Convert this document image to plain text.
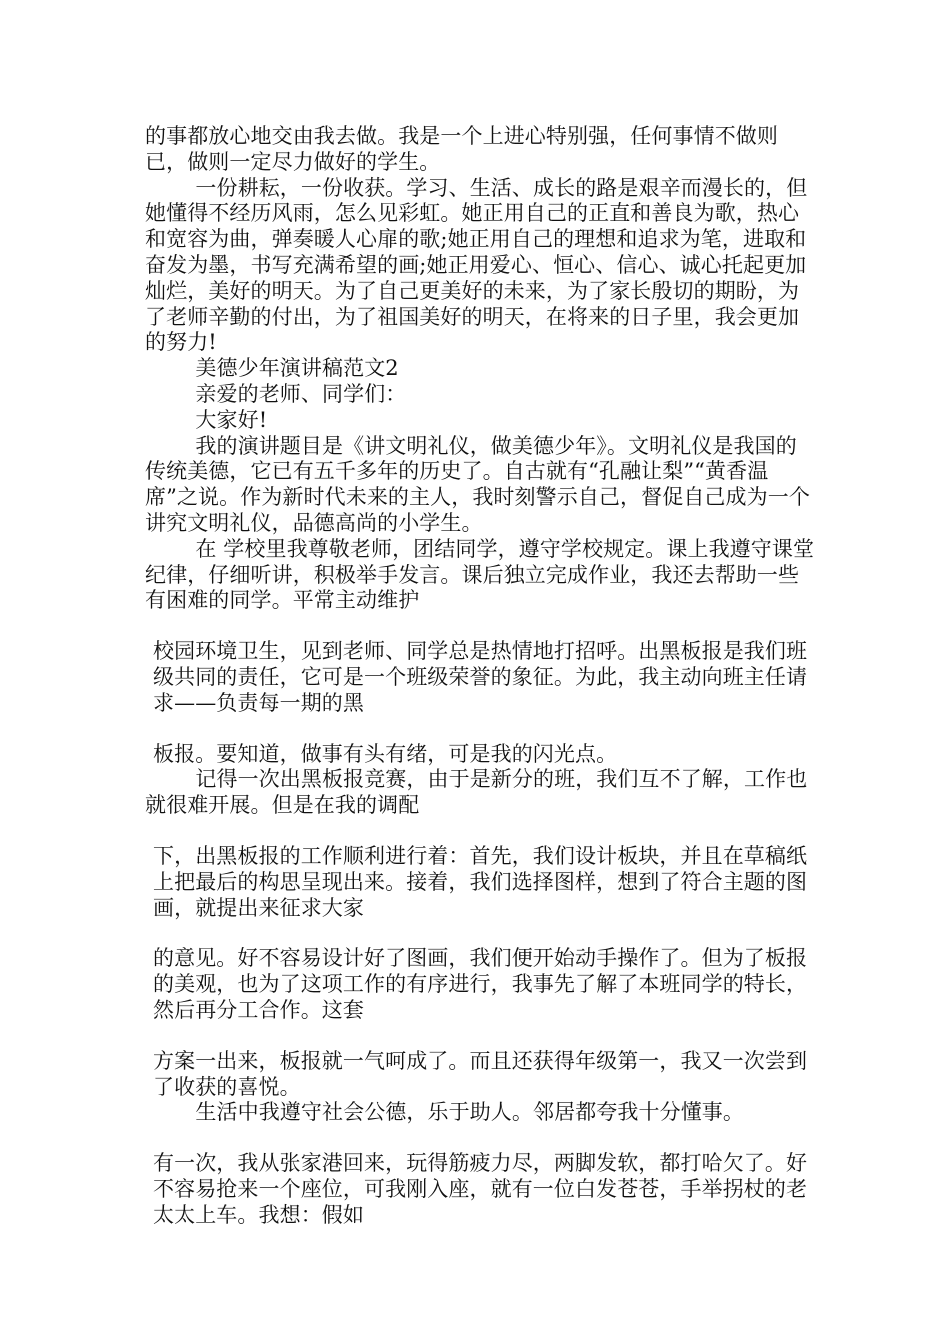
的事都放心地交由我去做。我是一个上进心特别强，任何事情不做则已，做则一定尽力做好的学生。

一份耕耘，一份收获。学习、生活、成长的路是艰辛而漫长的，但她懂得不经历风雨，怎么见彩虹。她正用自己的正直和善良为歌，热心和宽容为曲，弹奏暖人心扉的歌;她正用自己的理想和追求为笔，进取和奋发为墨，书写充满希望的画;她正用爱心、恒心、信心、诚心托起更加灿烂，美好的明天。为了自己更美好的未来，为了家长殷切的期盼，为了老师辛勤的付出，为了祖国美好的明天，在将来的日子里，我会更加的努力!

美德少年演讲稿范文2

亲爱的老师、同学们：

大家好!

我的演讲题目是《讲文明礼仪，做美德少年》。文明礼仪是我国的传统美德，它已有五千多年的历史了。自古就有“孔融让梨”“黄香温席”之说。作为新时代未来的主人，我时刻警示自己，督促自己成为一个讲究文明礼仪，品德高尚的小学生。

在 学校里我尊敬老师，团结同学，遵守学校规定。课上我遵守课堂纪律，仔细听讲，积极举手发言。课后独立完成作业，我还去帮助一些有困难的同学。平常主动维护

校园环境卫生，见到老师、同学总是热情地打招呼。出黑板报是我们班级共同的责任，它可是一个班级荣誉的象征。为此，我主动向班主任请求——负责每一期的黑

板报。要知道，做事有头有绪，可是我的闪光点。

记得一次出黑板报竞赛，由于是新分的班，我们互不了解，工作也就很难开展。但是在我的调配

下，出黑板报的工作顺利进行着：首先，我们设计板块，并且在草稿纸上把最后的构思呈现出来。接着，我们选择图样，想到了符合主题的图画，就提出来征求大家

的意见。好不容易设计好了图画，我们便开始动手操作了。但为了板报的美观，也为了这项工作的有序进行，我事先了解了本班同学的特长，然后再分工合作。这套

方案一出来，板报就一气呵成了。而且还获得年级第一，我又一次尝到了收获的喜悦。

生活中我遵守社会公德，乐于助人。邻居都夸我十分懂事。

有一次，我从张家港回来，玩得筋疲力尽，两脚发软，都打哈欠了。好不容易抢来一个座位，可我刚入座，就有一位白发苍苍，手举拐杖的老太太上车。我想：假如
